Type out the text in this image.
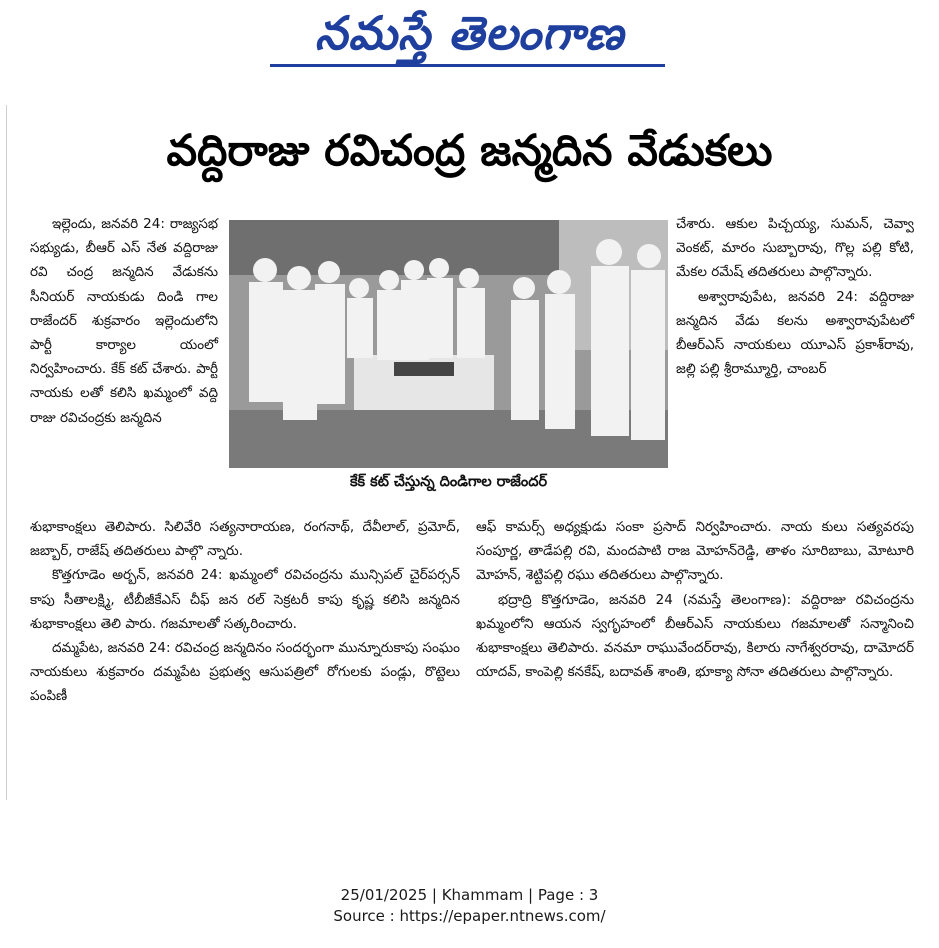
నమస్తే తెలంగాణ
వద్దిరాజు రవిచంద్ర జన్మదిన వేడుకలు

ఇల్లెందు, జనవరి 24: రాజ్యసభ సభ్యుడు, బీఆర్ ఎస్ నేత వద్దిరాజు రవి చంద్ర జన్మదిన వేడుకను సీనియర్ నాయకుడు దిండి గాల రాజేందర్ శుక్రవారం ఇల్లెందులోని పార్టీ కార్యాల యంలో నిర్వహించారు. కేక్ కట్ చేశారు. పార్టీ నాయకు లతో కలిసి ఖమ్మంలో వద్ది రాజు రవిచంద్రకు జన్మదిన

కేక్ కట్ చేస్తున్న దిండిగాల రాజేందర్

చేశారు. ఆకుల పిచ్చయ్య, సుమన్, చెవ్వా వెంకట్, మారం సుబ్బారావు, గొల్ల పల్లి కోటి, మేకల రమేష్ తదితరులు పాల్గొన్నారు.

అశ్వారావుపేట, జనవరి 24: వద్దిరాజు జన్మదిన వేడు కలను అశ్వారావుపేటలో బీఆర్ఎస్ నాయకులు యూఎస్ ప్రకాశ్‌రావు, జల్లి పల్లి శ్రీరామ్మూర్తి, చాంబర్

శుభాకాంక్షలు తెలిపారు. సిలివేరి సత్యనారాయణ, రంగనాథ్, దేవీలాల్, ప్రమోద్, జబ్బార్, రాజేష్ తదితరులు పాల్గొ న్నారు.

కొత్తగూడెం అర్బన్, జనవరి 24: ఖమ్మంలో రవిచంద్రను మున్సిపల్ చైర్‌పర్సన్ కాపు సీతాలక్ష్మి, టీబీజీకేఎస్ చీఫ్ జన రల్ సెక్రటరీ కాపు కృష్ణ కలిసి జన్మదిన శుభాకాంక్షలు తెలి పారు. గజమాలతో సత్కరించారు.

దమ్మపేట, జనవరి 24: రవిచంద్ర జన్మదినం సందర్భంగా మున్నూరుకాపు సంఘం నాయకులు శుక్రవారం దమ్మపేట ప్రభుత్వ ఆసుపత్రిలో రోగులకు పండ్లు, రొట్టెలు పంపిణీ

ఆఫ్ కామర్స్ అధ్యక్షుడు సంకా ప్రసాద్ నిర్వహించారు. నాయ కులు సత్యవరపు సంపూర్ణ, తాడేపల్లి రవి, మందపాటి రాజ మోహన్‌రెడ్డి, తాళం సూరిబాబు, మోటూరి మోహన్, శెట్టిపల్లి రఘు తదితరులు పాల్గొన్నారు.

భద్రాద్రి కొత్తగూడెం, జనవరి 24 (నమస్తే తెలంగాణ): వద్దిరాజు రవిచంద్రను ఖమ్మంలోని ఆయన స్వగృహంలో బీఆర్ఎస్ నాయకులు గజమాలతో సన్మానించి శుభాకాంక్షలు తెలిపారు. వనమా రాఘువేందర్‌రావు, కిలారు నాగేశ్వరరావు, దామోదర్ యాదవ్, కాంపెల్లి కనకేష్, బదావత్ శాంతి, భూక్యా సోనా తదితరులు పాల్గొన్నారు.

25/01/2025 | Khammam | Page : 3
Source : https://epaper.ntnews.com/
